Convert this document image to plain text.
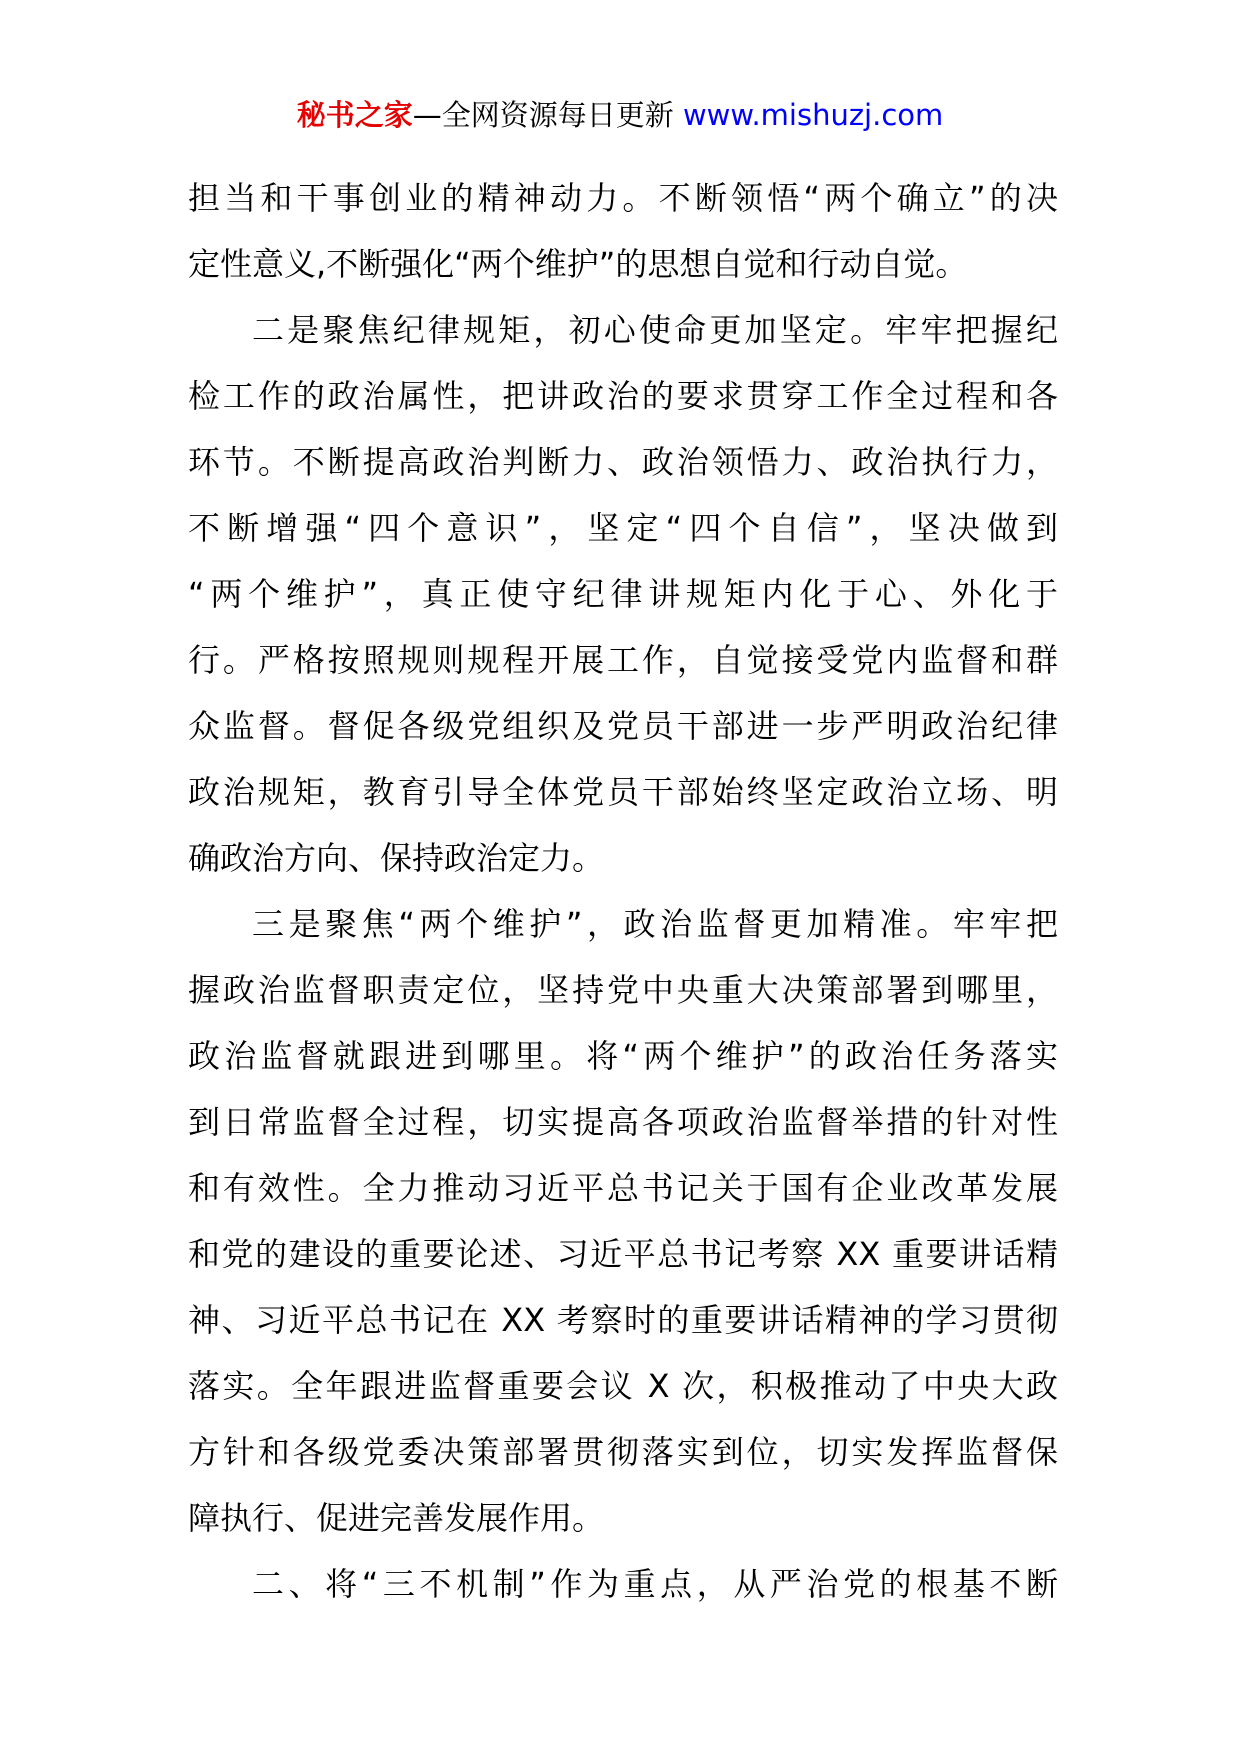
秘书之家—全网资源每日更新 www.mishuzj.com
担当和干事创业的精神动力。不断领悟“两个确立”的决
定性意义,不断强化“两个维护”的思想自觉和行动自觉。
二是聚焦纪律规矩，初心使命更加坚定。牢牢把握纪
检工作的政治属性，把讲政治的要求贯穿工作全过程和各
环节。不断提高政治判断力、政治领悟力、政治执行力，
不断增强“四个意识”，坚定“四个自信”，坚决做到
“两个维护”，真正使守纪律讲规矩内化于心、外化于
行。严格按照规则规程开展工作，自觉接受党内监督和群
众监督。督促各级党组织及党员干部进一步严明政治纪律
政治规矩，教育引导全体党员干部始终坚定政治立场、明
确政治方向、保持政治定力。
三是聚焦“两个维护”，政治监督更加精准。牢牢把
握政治监督职责定位，坚持党中央重大决策部署到哪里，
政治监督就跟进到哪里。将“两个维护”的政治任务落实
到日常监督全过程，切实提高各项政治监督举措的针对性
和有效性。全力推动习近平总书记关于国有企业改革发展
和党的建设的重要论述、习近平总书记考察 XX 重要讲话精
神、习近平总书记在 XX 考察时的重要讲话精神的学习贯彻
落实。全年跟进监督重要会议 X 次，积极推动了中央大政
方针和各级党委决策部署贯彻落实到位，切实发挥监督保
障执行、促进完善发展作用。
二、将“三不机制”作为重点，从严治党的根基不断
